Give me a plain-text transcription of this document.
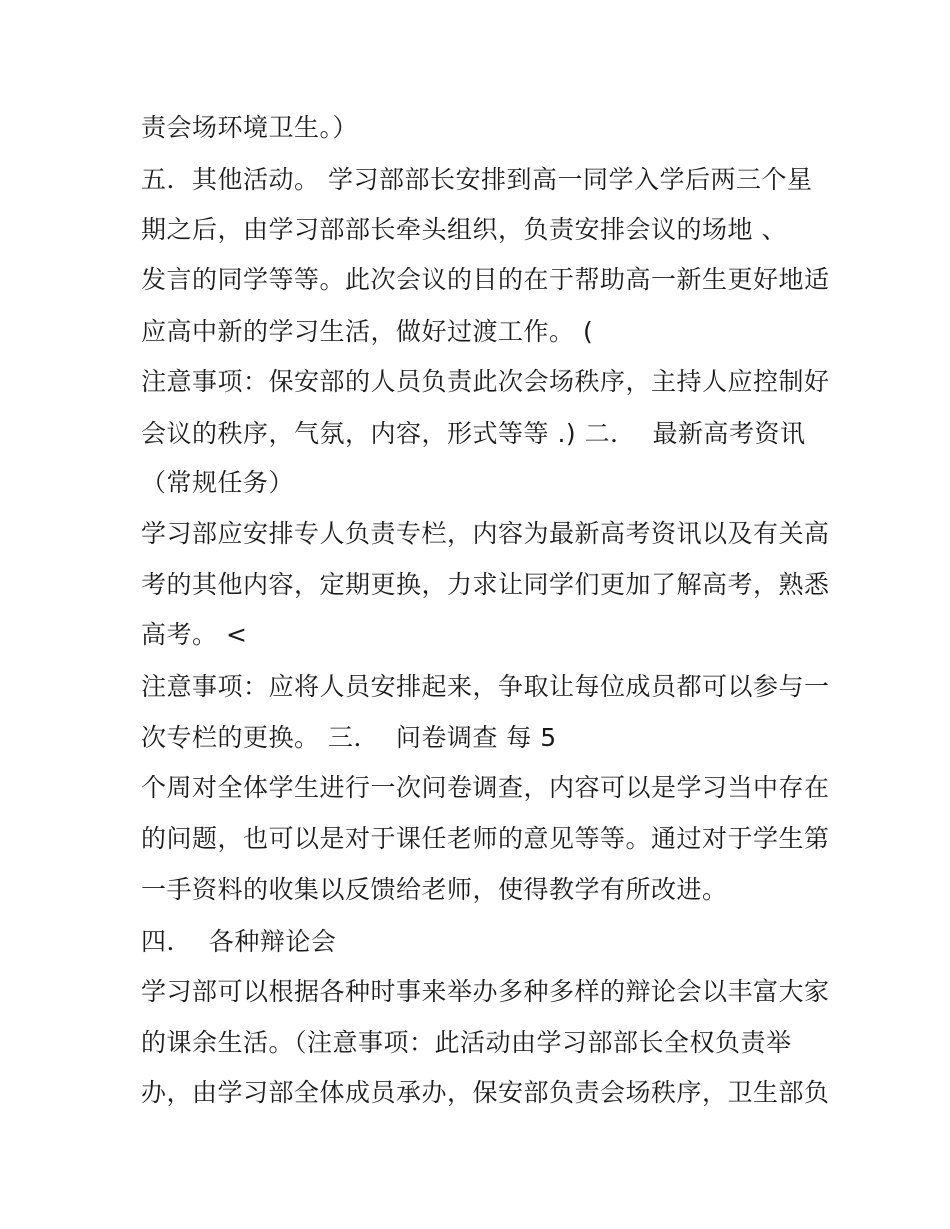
责会场环境卫生。）
五．其他活动。 学习部部长安排到高一同学入学后两三个星
期之后，由学习部部长牵头组织，负责安排会议的场地 、
发言的同学等等。此次会议的目的在于帮助高一新生更好地适
应高中新的学习生活，做好过渡工作。 (
注意事项：保安部的人员负责此次会场秩序，主持人应控制好
会议的秩序，气氛，内容，形式等等 .) 二．  最新高考资讯
（常规任务）
学习部应安排专人负责专栏，内容为最新高考资讯以及有关高
考的其他内容，定期更换，力求让同学们更加了解高考，熟悉
高考。 <
注意事项：应将人员安排起来，争取让每位成员都可以参与一
次专栏的更换。 三．  问卷调查 每 5
个周对全体学生进行一次问卷调查，内容可以是学习当中存在
的问题，也可以是对于课任老师的意见等等。通过对于学生第
一手资料的收集以反馈给老师，使得教学有所改进。
四．  各种辩论会
学习部可以根据各种时事来举办多种多样的辩论会以丰富大家
的课余生活。（注意事项：此活动由学习部部长全权负责举
办，由学习部全体成员承办，保安部负责会场秩序，卫生部负
